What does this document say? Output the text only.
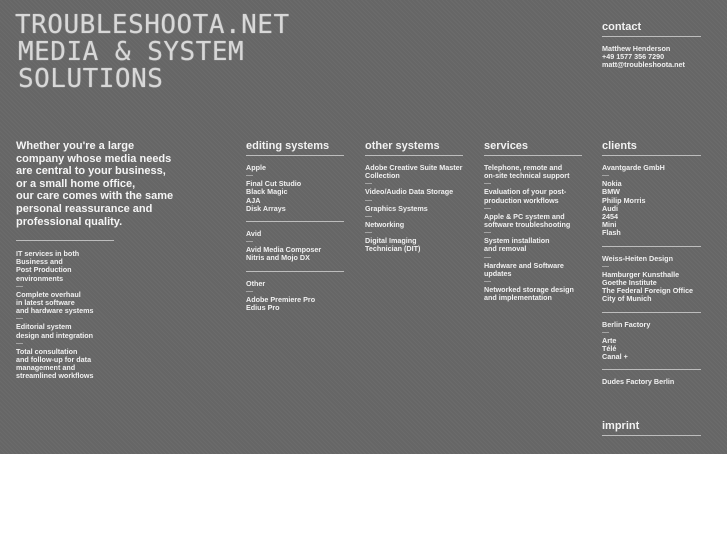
TROUBLESHOOTA.NET
MEDIA & SYSTEM
SOLUTIONS
contact
Matthew Henderson
+49 1577 356 7290
matt@troubleshoota.net
Whether you're a large
company whose media needs
are central to your business,
or a small home office,
our care comes with the same
personal reassurance and
professional quality.
IT services in both
Business and
Post Production
environments
—
Complete overhaul
in latest software
and hardware systems
—
Editorial system
design and integration
—
Total consultation
and follow-up for data
management and
streamlined workflows
editing systems
Apple
—
Final Cut Studio
Black Magic
AJA
Disk Arrays
Avid
—
Avid Media Composer
Nitris and Mojo DX
Other
—
Adobe Premiere Pro
Edius Pro
other systems
Adobe Creative Suite Master
Collection
—
Video/Audio Data Storage
—
Graphics Systems
—
Networking
—
Digital Imaging
Technician (DIT)
services
Telephone, remote and
on-site technical support
—
Evaluation of your post-
production workflows
—
Apple & PC system and
software troubleshooting
—
System installation
and removal
—
Hardware and Software
updates
—
Networked storage design
and implementation
clients
Avantgarde GmbH
—
Nokia
BMW
Philip Morris
Audi
2454
Mini
Flash
Weiss-Heiten Design
—
Hamburger Kunsthalle
Goethe Institute
The Federal Foreign Office
City of Munich
Berlin Factory
—
Arte
Télé
Canal +
Dudes Factory Berlin
imprint
